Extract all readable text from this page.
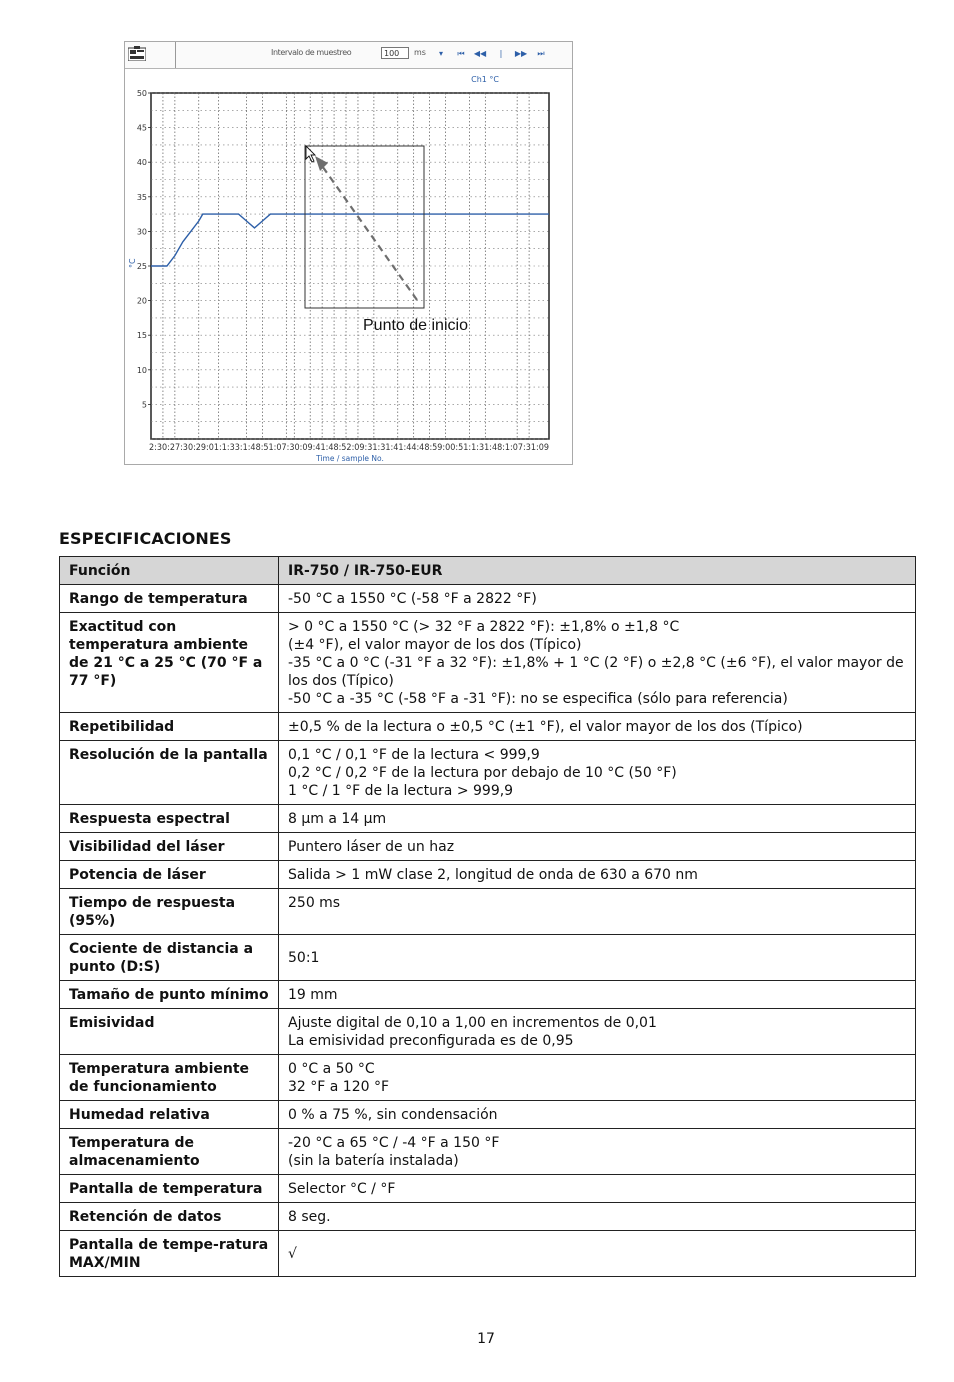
Intervalo de muestreo	100	ms	▾	⏮	◀◀	|	▶▶	⏭
Ch1 °C
50
45
40
35
30
25
20
15
10
5
°C
2:30:27:30:29:01:1:33:1:48:51:07:30:09:41:48:52:09:31:31:41:44:48:59:00:51:1:31:48:1:07:31:09
Time / sample No.
Punto de inicio
ESPECIFICACIONES
Función	IR-750 / IR-750-EUR
Rango de temperatura	-50 °C a 1550 °C (-58 °F a 2822 °F)

Exactitud con temperatura ambiente de 21 °C a 25 °C (70 °F a 77 °F)	> 0 °C a 1550 °C (> 32 °F a 2822 °F): ±1,8% o ±1,8 °C
(±4 °F), el valor mayor de los dos (Típico)
-35 °C a 0 °C (-31 °F a 32 °F): ±1,8% + 1 °C (2 °F) o ±2,8 °C (±6 °F), el valor mayor de los dos (Típico)
-50 °C a -35 °C (-58 °F a -31 °F): no se especifica (sólo para referencia)

Repetibilidad	±0,5 % de la lectura o ±0,5 °C (±1 °F), el valor mayor de los dos (Típico)

Resolución de la pantalla	0,1 °C / 0,1 °F de la lectura < 999,9
0,2 °C / 0,2 °F de la lectura por debajo de 10 °C (50 °F)
1 °C / 1 °F de la lectura > 999,9

Respuesta espectral	8 µm a 14 µm

Visibilidad del láser	Puntero láser de un haz

Potencia de láser	Salida > 1 mW clase 2, longitud de onda de 630 a 670 nm

Tiempo de respuesta (95%)	250 ms

Cociente de distancia a punto (D:S)	50:1

Tamaño de punto mínimo	19 mm

Emisividad	Ajuste digital de 0,10 a 1,00 en incrementos de 0,01
La emisividad preconfigurada es de 0,95

Temperatura ambiente de funcionamiento	0 °C a 50 °C
32 °F a 120 °F

Humedad relativa	0 % a 75 %, sin condensación

Temperatura de almacenamiento	-20 °C a 65 °C / -4 °F a 150 °F
(sin la batería instalada)

Pantalla de temperatura	Selector °C / °F

Retención de datos	8 seg.

Pantalla de tempe-ratura MAX/MIN	√
17
